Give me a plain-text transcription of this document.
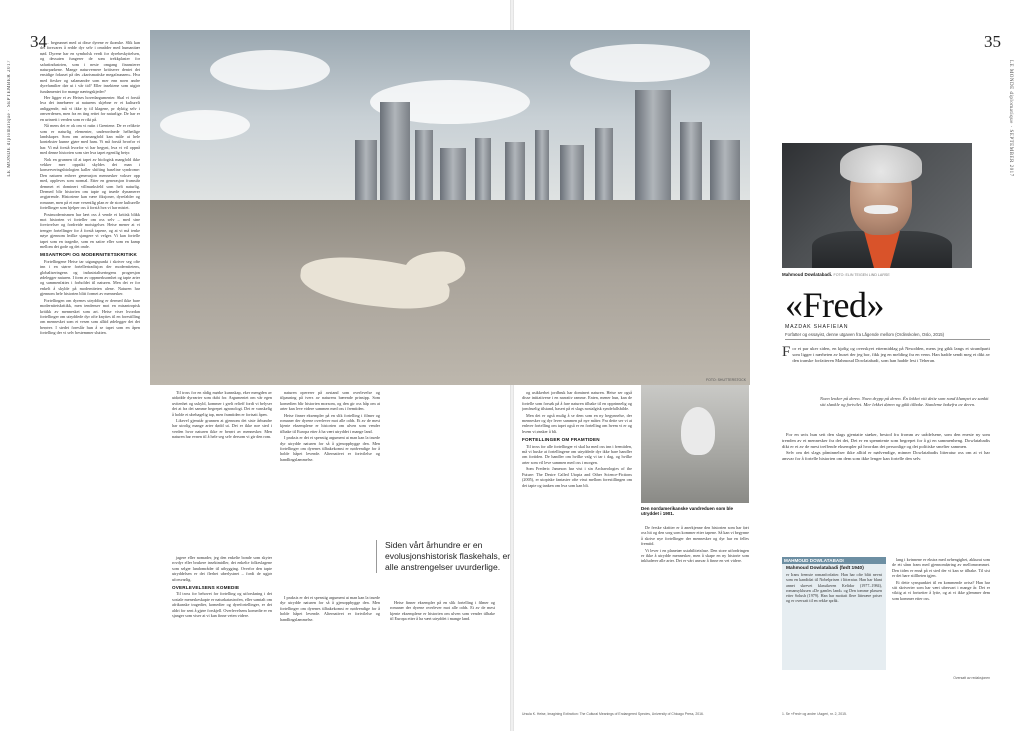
34
LE MONDE diplomatique · SEPTEMBER 2017

/… begrunnet med at disse dyrene er ikonske. Slik kan det forsvares å redde dyr selv i områder med humanitær nød. Dyrene har en symbolsk verdi for dyrebeskyttelsen, og dessuten fungerer de som trekkplaster for safariindustrien, som i neste omgang finansierer naturparkene. Mange naturvernere kritiserer dentet det ensidige fokuset på des «karismatiske megafaunaen». Hva med fiesker og salamandre som mer enn noen andre dyrefamilier dør ut i vår tid? Eller insektene som utgjør fundamentet for mange næringskjeder?

Her ligger et av Heises hovedargumenter. Skal vi forstå hva det innebærer at naturens skjebne er et kulturelt anliggende, må vi ikke ty til klagene, pr dyktig selv i omverdenen, men fra en ting rettet for naturlige. De har er en urinrett i verden som er rikt på.

Nå mens det er ok om vi rutin i Grentene. De er relikvie som er naturlig elementer, underordnede helhetlige landskaper. Som om artsmangfold kan måle at hele kontekster kunne gjøre med ham. Vi må forstå hvorfor vi har. Vi må forstå hvorfor vi har begynt, hva vi vil oppnå med denne historien som sier hva tapet egentlig betyr.

Nok en grunnen til at tapet av biologisk mangfold ikke vekker mer oppsikt skyldes det man i konserveringsbiologien kaller shifting baseline syndrome: Den naturen enhver generasjon mennesker vokser opp med, oppleves som normal. Etter en generasjon framstår demmet et dominert villmarksfeld som helt naturlig. Dermed blir historien om tapte og truede dynamerer avgjørende. Historiene kan være fiksjoner, dyrefabler og romaner, men på et mer vesentlig plan er de store kulturelle fortellinger som hjelper oss å forstå hva vi har mistet.

Postmodernismen har lært oss å vende et kritisk blikk mot historien vi forteller om oss selv – med sine forvirrelser og fordreide motsigelser. Heise mener at vi trenger fortellinger for å forstå tapene, og at vi må tenke nøye gjennom hvilke sjangere vi velger. Vi kan fortelle tapet som en tragedie, som en satire eller som en kamp mellom det gode og det onde.

MISANTROPI OG MODERNITETSKRITIKK

Fortellingene Heise tar utgangspunkt i skriver seg ofte inn i en større fortellertradisjon der modernitetens, globaliseringens og industrialiseringens progresjon ødelegger naturen. I form av oppmerksomhet og tapte arter og sammenfattes i forholdet til naturen. Men det er for enkelt å skylde på moderniteten alene. Naturen har gjennom hele historien blitt formet av mennesker.

Fortellingen om dyrenes utrydding er dermed ikke bare modernitetskritikk, men tendenser mot en misantropisk kritikk av mennesket som art. Heise viser hvordan fortellinger om utryddede dyr ofte knyttes til en forestilling om mennesket som et vesen som alltid ødelegger det det berører. I stedet foreslår hun å se tapet som en åpen fortelling der vi selv bestemmer slutten.

FOTO: SHUTTERSTOCK

Til tross for en rådig mørke kunnskap, eker mengden av utdødde dyrearter som dubi for. Argumentet om vår egen uvitenhet og uskyld, kommer i grelt relieff fordi vi belyser det at fra det samme begrepet agronologi. Det er vanskelig å holde et ubehagelig tap, men framtiden er fortsatt åpen.

Likevel gjenstår grunnen at gjennom det siste århundre har utrolig mange arter dødd ut. Det er ikke noe sted i verden hvor naturen ikke er berørt av mennesker. Men naturen har evnen til å hele seg selv dersom vi gir den rom.

jagere eller nomader, jeg den enkelte bonde som skyter rovdyr eller brukere insektmidler, det enkelte folkeslagene som selger landområder til utbygging. Overfor den tapte utryddelsen er det flerhet uberlystnet – fordi de ugjør uforsvarlig.

OVERLEVELSENS KOMEDIE

Til tross for behovet for fortelling og utforskning i det sosiale meneskeskapte er naturkatastrofen, eller samtalt om afrikanske tragedier, komedier og dyrefortellinger, er det aldri for sent å gjøre forskjell. Overlevelsens komedie er en sjanger som viser at vi kan finne veien videre.

naturen opererer på avstand som overlevelse og tilpasning på tvers av naturens bærende prinsipp. Som komedien blir historien morsom, og den gir oss håp om at arter kan leve videre sammen med oss i fremtiden.

Heise finner eksempler på en slik fortelling i filmer og romaner der dyrene overlever mot alle odds. Et av de mest kjente eksemplene er historien om ulven som vender tilbake til Europa etter å ha vært utryddet i mange land.

I praksis er det et spenstig argument at man kan la truede dyr utrydde naturen for så å gjenoppbygge den. Men fortellinger om dyrenes tilbakekomst er nødvendige for å holde håpet levende. Alternativet er fortvilelse og handlingslammelse.

Siden vårt århundre er en evolusjonshistorisk flaskehals, er alle anstrengelser uvurderlige.

I praksis er det et spenstig argument at man kan la truede dyr utrydde naturen for så å gjenoppbygge den. Men fortellinger om dyrenes tilbakekomst er nødvendige for å holde håpet levende. Alternativet er fortvilelse og handlingslammelse.

Heise finner eksempler på en slik fortelling i filmer og romaner der dyrene overlever mot alle odds. Et av de mest kjente eksemplene er historien om ulven som vender tilbake til Europa etter å ha vært utryddet i mange land.

35
LE MONDE diplomatique · SEPTEMBER 2017

og usikkerhet jordbruk har dominert naturen. Heise ser også disse initiativene i en narrativ ramme. Enten, mener hun, kan de fortelle som forsøk på å fare naturen tilbake til en opprinnelig og jomfruelig tilstand, basert på et slags nostalgisk syndefallsbilde.

Men det er også mulig å se dem som en ny begynnelse, der mennesker og dyr lever sammen på nye måter. Fra dette ser vi at enhver fortelling om tapet også er en fortelling om hvem vi er og hvem vi ønsker å bli.

FORTELLINGER OM FRAMTIDEN

Til tross for alle fortellinger vi skal ha med oss inn i fremtiden, må vi huske at fortellingene om utryddede dyr ikke bare handler om fortiden. De handler om hvilke valg vi tar i dag, og hvilke arter som vil leve sammen med oss i morgen.

Som Frederic Jameson har vist i sin Archaeologies of the Future: The Desire Called Utopia and Other Science-Fictions (2005), er utopiske fantasier ofte visst mellom forestillingen om det tapte og tanken om hva som kan bli.

Den nordamerikanske vandreduen som ble utryddet i 1901.

De ferske skritter er å anerkjenne den historien som har ført oss hit og den sorg som kommer etter tapene. Så kan vi begynne å skrive nye fortellinger der mennesker og dyr har en felles fremtid.

Vi lever i en planetær ustabilitetsfase. Den store utfordringen er ikke å utrydde mennesker, men å skape en ny historie som inkluderer alle arter. Det er vårt ansvar å finne en vei videre.

Mahmoud Dowlatabadi. FOTO: ELIN TEIGEN LIND LARSE
«Fred»
MAZDAK SHAFIEIAN
Forfatter og essayist, denne utgaven fra Lågende mellom (Ordinskolen, Oslo, 2015)
F or et par uker siden, en kjølig og overskyet ettermiddag på Nesodden, mens jeg gikk langs et strandparti som ligger i nærheten av huset der jeg bor, fikk jeg en melding fra en venn. Han hadde sendt meg et dikt av den iranske forfatteren Mahmoud Dowlatabadi, som han hadde lest i Teheran.
Noen lenker på deren. Noen drypp på deren. Én lekket vitt dette som rand klumpet av sankit sitt slankle og fortvilet. Mer lekket døren og gikk tilbake. Stanleme bakefra av deren.

For en uvis hun sett den slags gjentatte stæker, bestod fra fromm av urådelsene, som den eneste ny som trenden av et mennesker fra det det, Det er en spenntente som begrepet for å gi en sammenheng. Dowlatabadis dikt er et av de mest treffende eksempler på hvordan det personlige og det politiske smelter sammen.

Selv om det slags påminnelser ikke alltid er nødvendige, minner Dowlatabadis litteratur oss om at vi har ansvar for å fortelle historien om dem som ikke lenger kan fortelle den selv.

MAHMOUD DOWLATABADI
Mahmoud Dowlatabadi (født 1940)

er Irans fremste romanforfatter. Han har ofte blitt nevnt som en kandidat til Nobelprisen i litteratur. Han har blant annet skrevet klassikeren Kelidar (1977–1984), romansyklusen «De gamles land» og Den tomme plassen etter Solush (1979). Han har mottatt flere litterære priser og er oversatt til en rekke språk.

lang i kvinnene er ekstra med avhengighet, akkurat som de ett sånn fram med gjennomføring av mellomrommet. Den tiden er ennå på et sted der vi kan se tilbake. Til sist er det bare stillheten igjen.

Et dette synspunktet til en kommende avisa? Han har sitt skriverier som har vært ubesvart i mange år. Det er viktig at vi fortsetter å lytte, og at vi ikke glemmer dem som kommer etter oss.

Ursula K. Heise, Imagining Extinction: The Cultural Meanings of Endangered Species, University of Chicago Press, 2016.
Oversatt av redaksjonen
1. Se «Fred» og andre i Asgeri, nr. 2, 2015.
